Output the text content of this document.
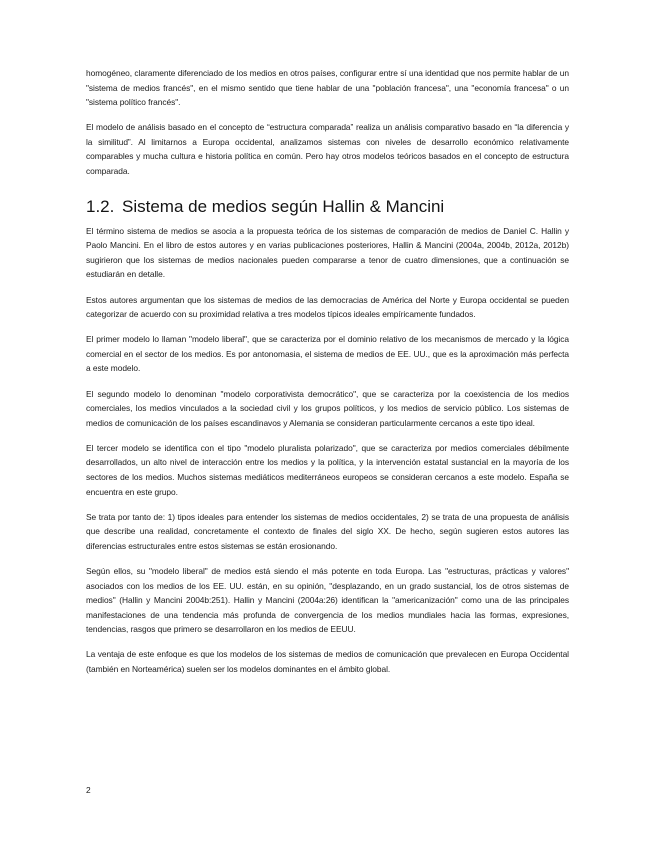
homogéneo, claramente diferenciado de los medios en otros países, configurar entre sí una identidad que nos permite hablar de un "sistema de medios francés", en el mismo sentido que tiene hablar de una "población francesa", una "economía francesa" o un "sistema político francés".

El modelo de análisis basado en el concepto de “estructura comparada” realiza un análisis comparativo basado en “la diferencia y la similitud”. Al limitarnos a Europa occidental, analizamos sistemas con niveles de desarrollo económico relativamente comparables y mucha cultura e historia política en común. Pero hay otros modelos teóricos basados en el concepto de estructura comparada.

1.2. Sistema de medios según Hallin & Mancini

El término sistema de medios se asocia a la propuesta teórica de los sistemas de comparación de medios de Daniel C. Hallin y Paolo Mancini. En el libro de estos autores y en varias publicaciones posteriores, Hallin & Mancini (2004a, 2004b, 2012a, 2012b) sugirieron que los sistemas de medios nacionales pueden compararse a tenor de cuatro dimensiones, que a continuación se estudiarán en detalle.

Estos autores argumentan que los sistemas de medios de las democracias de América del Norte y Europa occidental se pueden categorizar de acuerdo con su proximidad relativa a tres modelos típicos ideales empíricamente fundados.

El primer modelo lo llaman "modelo liberal", que se caracteriza por el dominio relativo de los mecanismos de mercado y la lógica comercial en el sector de los medios. Es por antonomasia, el sistema de medios de EE. UU., que es la aproximación más perfecta a este modelo.

El segundo modelo lo denominan "modelo corporativista democrático", que se caracteriza por la coexistencia de los medios comerciales, los medios vinculados a la sociedad civil y los grupos políticos, y los medios de servicio público. Los sistemas de medios de comunicación de los países escandinavos y Alemania se consideran particularmente cercanos a este tipo ideal.

El tercer modelo se identifica con el tipo "modelo pluralista polarizado", que se caracteriza por medios comerciales débilmente desarrollados, un alto nivel de interacción entre los medios y la política, y la intervención estatal sustancial en la mayoría de los sectores de los medios. Muchos sistemas mediáticos mediterráneos europeos se consideran cercanos a este modelo. España se encuentra en este grupo.

Se trata por tanto de: 1) tipos ideales para entender los sistemas de medios occidentales, 2) se trata de una propuesta de análisis que describe una realidad, concretamente el contexto de finales del siglo XX. De hecho, según sugieren estos autores las diferencias estructurales entre estos sistemas se están erosionando.

Según ellos, su "modelo liberal" de medios está siendo el más potente en toda Europa. Las "estructuras, prácticas y valores" asociados con los medios de los EE. UU. están, en su opinión, "desplazando, en un grado sustancial, los de otros sistemas de medios" (Hallin y Mancini 2004b:251). Hallin y Mancini (2004a:26) identifican la "americanización" como una de las principales manifestaciones de una tendencia más profunda de convergencia de los medios mundiales hacia las formas, expresiones, tendencias, rasgos que primero se desarrollaron en los medios de EEUU.

La ventaja de este enfoque es que los modelos de los sistemas de medios de comunicación que prevalecen en Europa Occidental (también en Norteamérica) suelen ser los modelos dominantes en el ámbito global.

2
